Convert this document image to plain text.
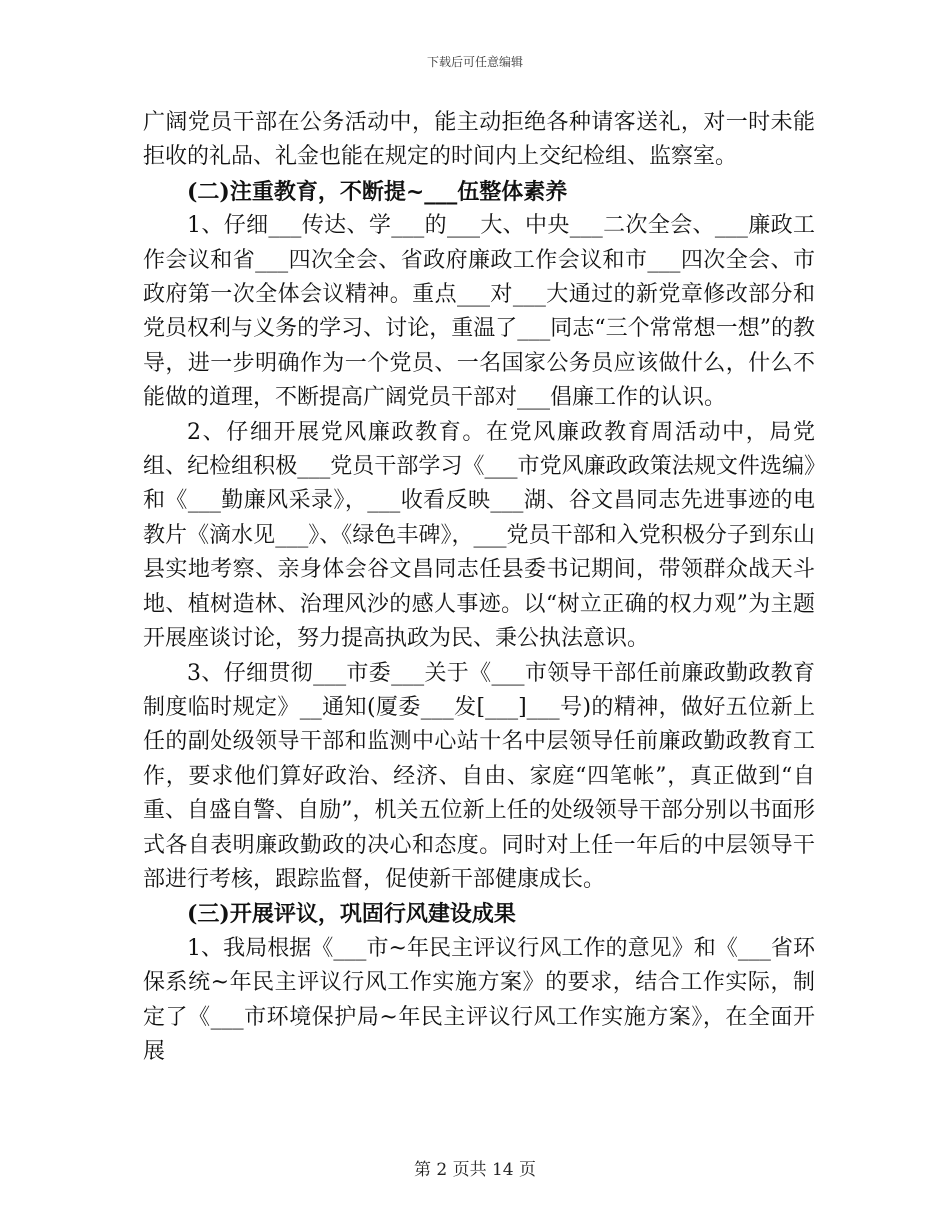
下载后可任意编辑

广阔党员干部在公务活动中，能主动拒绝各种请客送礼，对一时未能拒收的礼品、礼金也能在规定的时间内上交纪检组、监察室。

(二)注重教育，不断提~___伍整体素养

1、仔细___传达、学___的___大、中央___二次全会、___廉政工作会议和省___四次全会、省政府廉政工作会议和市___四次全会、市政府第一次全体会议精神。重点___对___大通过的新党章修改部分和党员权利与义务的学习、讨论，重温了___同志“三个常常想一想”的教导，进一步明确作为一个党员、一名国家公务员应该做什么，什么不能做的道理，不断提高广阔党员干部对___倡廉工作的认识。

2、仔细开展党风廉政教育。在党风廉政教育周活动中，局党组、纪检组积极___党员干部学习《___市党风廉政政策法规文件选编》和《___勤廉风采录》，___收看反映___湖、谷文昌同志先进事迹的电教片《滴水见___》、《绿色丰碑》，___党员干部和入党积极分子到东山县实地考察、亲身体会谷文昌同志任县委书记期间，带领群众战天斗地、植树造林、治理风沙的感人事迹。以“树立正确的权力观”为主题开展座谈讨论，努力提高执政为民、秉公执法意识。

3、仔细贯彻___市委___关于《___市领导干部任前廉政勤政教育制度临时规定》__通知(厦委___发[___]___号)的精神，做好五位新上任的副处级领导干部和监测中心站十名中层领导任前廉政勤政教育工作，要求他们算好政治、经济、自由、家庭“四笔帐”，真正做到“自重、自盛自警、自励”，机关五位新上任的处级领导干部分别以书面形式各自表明廉政勤政的决心和态度。同时对上任一年后的中层领导干部进行考核，跟踪监督，促使新干部健康成长。

(三)开展评议，巩固行风建设成果

1、我局根据《___市~年民主评议行风工作的意见》和《___省环保系统~年民主评议行风工作实施方案》的要求，结合工作实际，制定了《___市环境保护局~年民主评议行风工作实施方案》，在全面开展

第 2 页共 14 页
